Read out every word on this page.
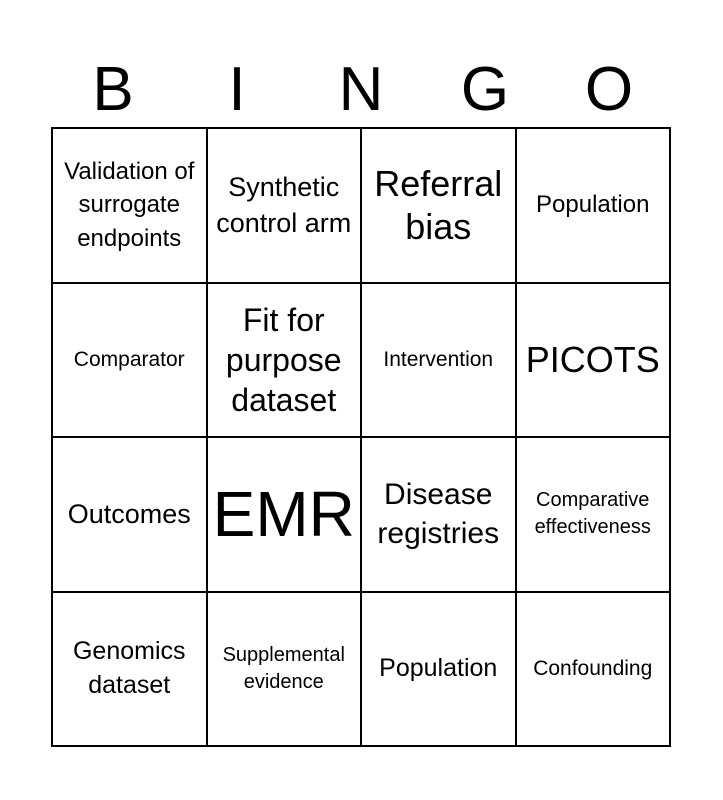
B	I	N	G	O
Validation of surrogate endpoints
Synthetic control arm
Referral bias
Population
Comparator
Fit for purpose dataset
Intervention PICOTS
Outcomes EMR Disease registries
Comparative effectiveness
Genomics dataset
Supplemental evidence	Population	Confounding
